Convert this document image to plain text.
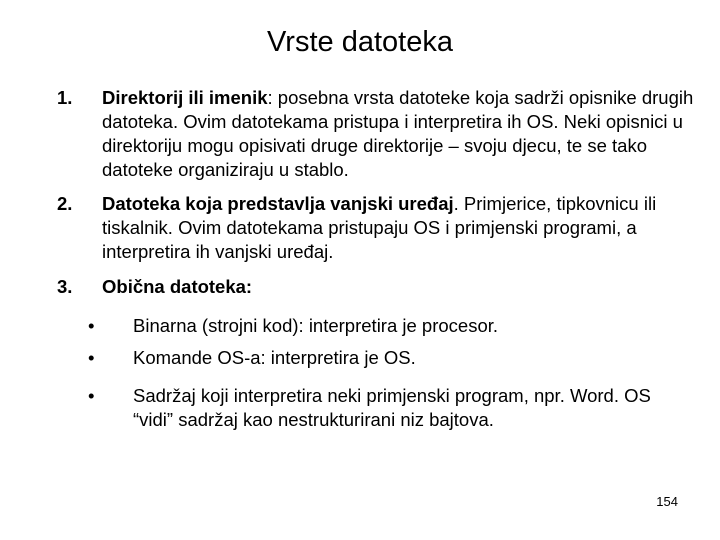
Vrste datoteka
1. Direktorij ili imenik: posebna vrsta datoteke koja sadrži opisnike drugih datoteka. Ovim datotekama pristupa i interpretira ih OS. Neki opisnici u direktoriju mogu opisivati druge direktorije – svoju djecu, te se tako datoteke organiziraju u stablo.
2. Datoteka koja predstavlja vanjski uređaj. Primjerice, tipkovnicu ili tiskalnik. Ovim datotekama pristupaju OS i primjenski programi, a interpretira ih vanjski uređaj.
3. Obična datoteka:
• Binarna (strojni kod): interpretira je procesor.
• Komande OS-a: interpretira je OS.
• Sadržaj koji interpretira neki primjenski program, npr. Word. OS “vidi” sadržaj kao nestrukturirani niz bajtova.
154
